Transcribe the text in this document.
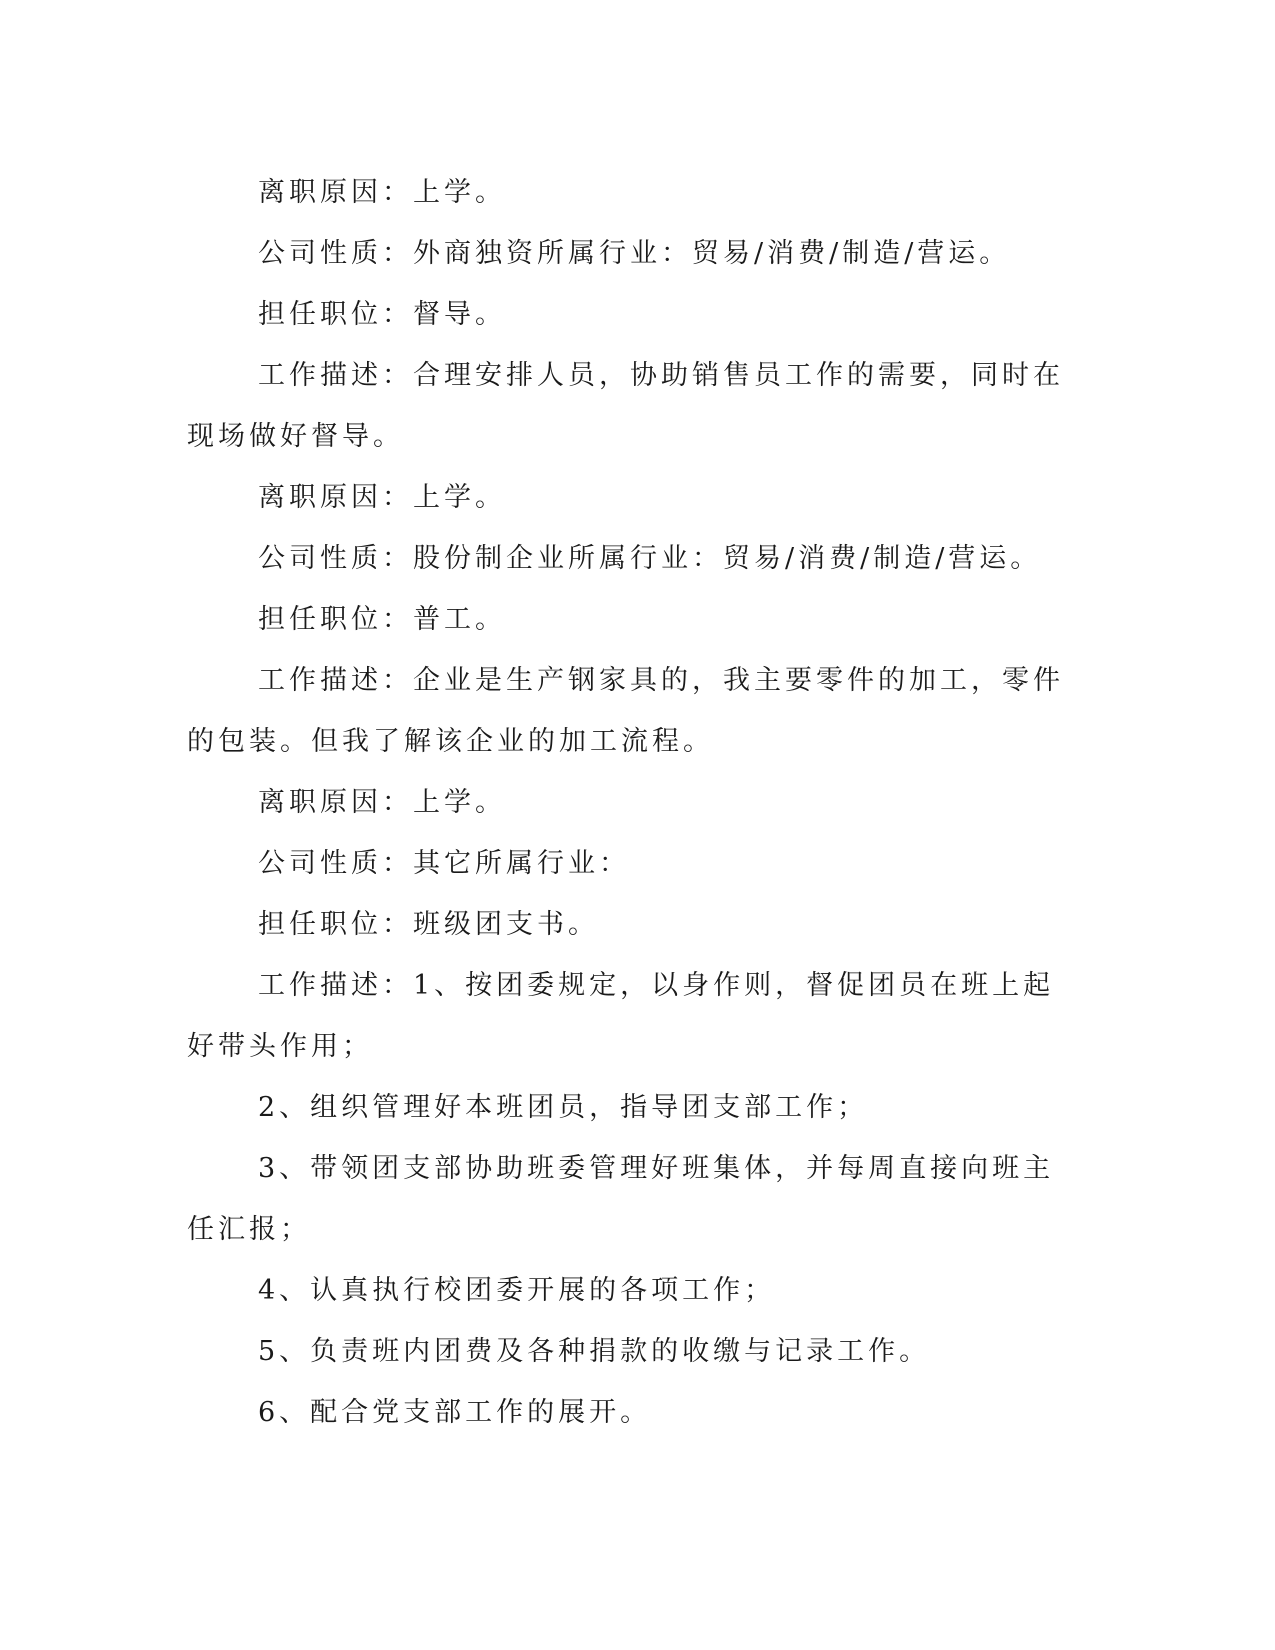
离职原因：上学。

公司性质：外商独资所属行业：贸易/消费/制造/营运。

担任职位：督导。

工作描述：合理安排人员，协助销售员工作的需要，同时在现场做好督导。

离职原因：上学。

公司性质：股份制企业所属行业：贸易/消费/制造/营运。

担任职位：普工。

工作描述：企业是生产钢家具的，我主要零件的加工，零件的包装。但我了解该企业的加工流程。

离职原因：上学。

公司性质：其它所属行业：

担任职位：班级团支书。

工作描述：1、按团委规定，以身作则，督促团员在班上起好带头作用；

2、组织管理好本班团员，指导团支部工作；

3、带领团支部协助班委管理好班集体，并每周直接向班主任汇报；

4、认真执行校团委开展的各项工作；

5、负责班内团费及各种捐款的收缴与记录工作。

6、配合党支部工作的展开。
